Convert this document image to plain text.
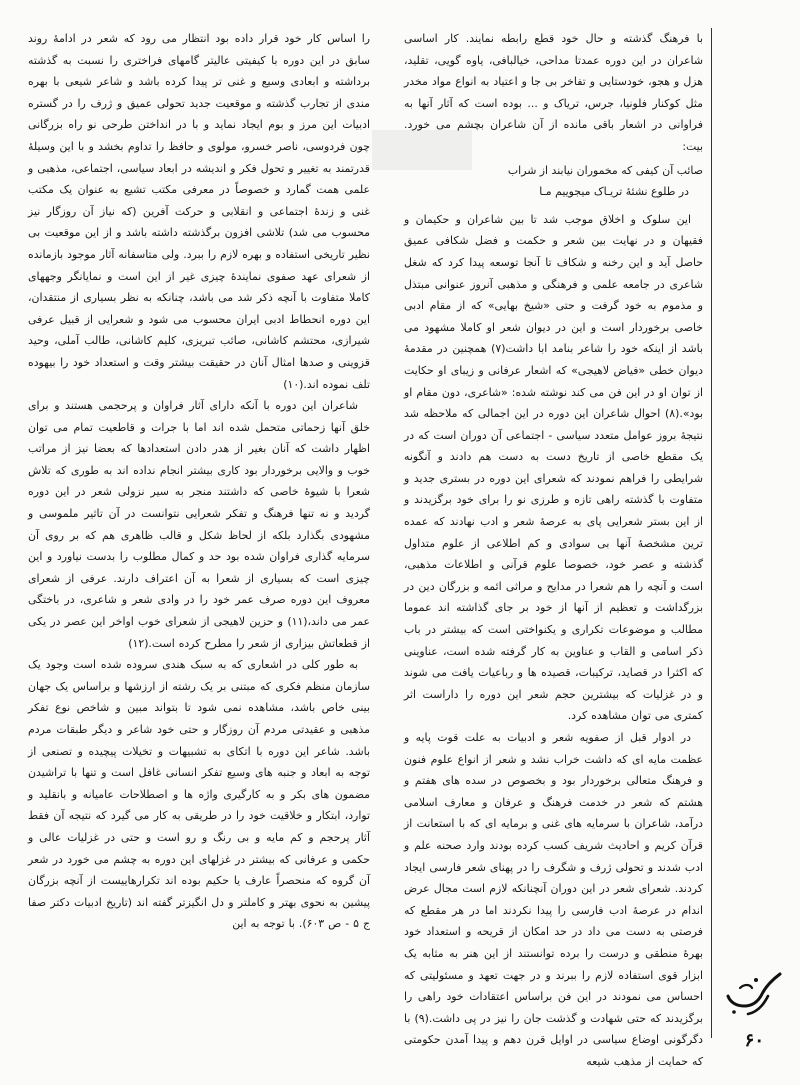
با فرهنگ گذشته و حال خود قطع رابطه نمایند. کار اساسی شاعران در این دوره عمدتا مداحی، خیالبافی، یاوه گویی، تقلید، هزل و هجو، خودستایی و تفاخر بی جا و اعتیاد به انواع مواد مخدر مثل کوکنار فلونیا، جرس، تریاک و ... بوده است که آثار آنها به فراوانی در اشعار باقی مانده از آن شاعران بچشم می خورد. بیت:

صائب آن کیفی که مخموران نیابند از شراب
در طلوع نشئهٔ تریـاک میجوییم مـا

این سلوک و اخلاق موجب شد تا بین شاعران و حکیمان و فقیهان و در نهایت بین شعر و حکمت و فضل شکافی عمیق حاصل آید و این رخنه و شکاف تا آنجا توسعه پیدا کرد که شغل شاعری در جامعه علمی و فرهنگی و مذهبی آنروز عنوانی مبتذل و مذموم به خود گرفت و حتی «شیخ بهایی» که از مقام ادبی خاصی برخوردار است و این در دیوان شعر او کاملا مشهود می باشد از اینکه خود را شاعر بنامد ابا داشت(۷) همچنین در مقدمهٔ دیوان خطی «فیاض لاهیجی» که اشعار عرفانی و زیبای او حکایت از توان او در این فن می کند نوشته شده: «شاعری، دون مقام او بود».(۸) احوال شاعران این دوره در این اجمالی که ملاحظه شد نتیجهٔ بروز عوامل متعدد سیاسی - اجتماعی آن دوران است که در یک مقطع خاصی از تاریخ دست به دست هم دادند و آنگونه شرایطی را فراهم نمودند که شعرای این دوره در بستری جدید و متفاوت با گذشته راهی تازه و طرزی نو را برای خود برگزیدند و از این بستر شعرایی پای به عرصهٔ شعر و ادب نهادند که عمده ترین مشخصهٔ آنها بی سوادی و کم اطلاعی از علوم متداول گذشته و عصر خود، خصوصا علوم قرآنی و اطلاعات مذهبی، است و آنچه را هم شعرا در مدایح و مراثی ائمه و بزرگان دین در بزرگداشت و تعظیم از آنها از خود بر جای گذاشته اند عموما مطالب و موضوعات تکراری و یکنواختی است که بیشتر در باب ذکر اسامی و القاب و عناوین به کار گرفته شده است، عناوینی که اکثرا در قصاید، ترکیبات، قصیده ها و رباعیات یافت می شوند و در غزلیات که بیشترین حجم شعر این دوره را داراست اثر کمتری می توان مشاهده کرد.

در ادوار قبل از صفویه شعر و ادبیات به علت قوت پایه و عظمت مایه ای که داشت خراب نشد و شعر از انواع علوم فنون و فرهنگ متعالی برخوردار بود و بخصوص در سده های هفتم و هشتم که شعر در خدمت فرهنگ و عرفان و معارف اسلامی درآمد، شاعران با سرمایه های غنی و برمایه ای که با استعانت از قرآن کریم و احادیث شریف کسب کرده بودند وارد صحنه علم و ادب شدند و تحولی ژرف و شگرف را در پهنای شعر فارسی ایجاد کردند. شعرای شعر در این دوران آنچنانکه لازم است مجال عرض اندام در عرصهٔ ادب فارسی را پیدا نکردند اما در هر مقطع که فرصتی به دست می داد در حد امکان از قریحه و استعداد خود بهرهٔ منطقی و درست را برده توانستند از این هنر به مثابه یک ابزار قوی استفاده لازم را ببرند و در جهت تعهد و مسئولیتی که احساس می نمودند در این فن براساس اعتقادات خود راهی را برگزیدند که حتی شهادت و گذشت جان را نیز در پی داشت.(۹) با دگرگونی اوضاع سیاسی در اوایل قرن دهم و پیدا آمدن حکومتی که حمایت از مذهب شیعه

را اساس کار خود قرار داده بود انتظار می رود که شعر در ادامهٔ روند سابق در این دوره با کیفیتی عالیتر گامهای فراختری را نسبت به گذشته برداشته و ابعادی وسیع و غنی تر پیدا کرده باشد و شاعر شیعی با بهره مندی از تجارب گذشته و موقعیت جدید تحولی عمیق و ژرف را در گستره ادبیات این مرز و بوم ایجاد نماید و با در انداختن طرحی نو راه بزرگانی چون فردوسی، ناصر خسرو، مولوی و حافظ را تداوم بخشد و با این وسیلهٔ قدرتمند به تغییر و تحول فکر و اندیشه در ابعاد سیاسی، اجتماعی، مذهبی و علمی همت گمارد و خصوصاً در معرفی مکتب تشیع به عنوان یک مکتب غنی و زندهٔ اجتماعی و انقلابی و حرکت آفرین (که نیاز آن روزگار نیز محسوب می شد) تلاشی افزون برگذشته داشته باشد و از این موقعیت بی نظیر تاریخی استفاده و بهره لازم را ببرد. ولی متاسفانه آثار موجود بازمانده از شعرای عهد صفوی نمایندهٔ چیزی غیر از این است و نمایانگر وجههای کاملا متفاوت با آنچه ذکر شد می باشد، چنانکه به نظر بسیاری از منتقدان، این دوره انحطاط ادبی ایران محسوب می شود و شعرایی از قبیل عرفی شیرازی، محتشم کاشانی، صائب تبریزی، کلیم کاشانی، طالب آملی، وحید قزوینی و صدها امثال آنان در حقیقت بیشتر وقت و استعداد خود را بیهوده تلف نموده اند.(۱۰)

شاعران این دوره با آنکه دارای آثار فراوان و پرحجمی هستند و برای خلق آنها زحماتی متحمل شده اند اما با جرات و قاطعیت تمام می توان اظهار داشت که آنان بغیر از هدر دادن استعدادها که بعضا نیز از مراتب خوب و والایی برخوردار بود کاری بیشتر انجام نداده اند به طوری که تلاش شعرا با شیوهٔ خاصی که داشتند منجر به سیر نزولی شعر در این دوره گردید و نه تنها فرهنگ و تفکر شعرایی نتوانست در آن تاثیر ملموسی و مشهودی بگذارد بلکه از لحاظ شکل و قالب ظاهری هم که بر روی آن سرمایه گذاری فراوان شده بود حد و کمال مطلوب را بدست نیاورد و این چیزی است که بسیاری از شعرا به آن اعتراف دارند. عرفی از شعرای معروف این دوره صرف عمر خود را در وادی شعر و شاعری، در باختگی عمر می داند،(۱۱) و حزین لاهیجی از شعرای خوب اواخر این عصر در یکی از قطعاتش بیزاری از شعر را مطرح کرده است.(۱۲)

به طور کلی در اشعاری که به سبک هندی سروده شده است وجود یک سازمان منظم فکری که مبتنی بر یک رشته از ارزشها و براساس یک جهان بینی خاص باشد، مشاهده نمی شود تا بتواند مبین و شاخص نوع تفکر مذهبی و عقیدتی مردم آن روزگار و حتی خود شاعر و دیگر طبقات مردم باشد. شاعر این دوره با اتکای به تشبیهات و تخیلات پیچیده و تصنعی از توجه به ابعاد و جنبه های وسیع تفکر انسانی غافل است و تنها با تراشیدن مضمون های بکر و به کارگیری واژه ها و اصطلاحات عامیانه و بانقلید و توارد، ابتکار و خلاقیت خود را در طریقی به کار می گیرد که نتیجه آن فقط آثار پرحجم و کم مایه و بی رنگ و رو است و حتی در غزلیات عالی و حکمی و عرفانی که بیشتر در غزلهای این دوره به چشم می خورد در شعر آن گروه که منحصراً عارف یا حکیم بوده اند تکرارهاییست از آنچه بزرگان پیشین به نحوی بهتر و کاملتر و دل انگیزتر گفته اند (تاریخ ادبیات دکتر صفا ج ۵ - ص ۶۰۳). با توجه به این

۶۰
